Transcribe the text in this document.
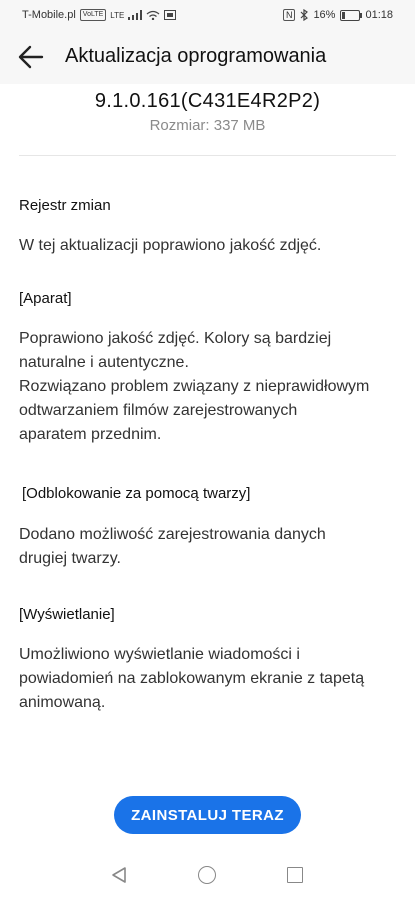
T-Mobile.pl	VoLTE LTE	N 16%	01:18
Aktualizacja oprogramowania
9.1.0.161(C431E4R2P2)
Rozmiar: 337 MB
Rejestr zmian
W tej aktualizacji poprawiono jakość zdjęć.
[Aparat]
Poprawiono jakość zdjęć. Kolory są bardziej
naturalne i autentyczne.
Rozwiązano problem związany z nieprawidłowym
odtwarzaniem filmów zarejestrowanych
aparatem przednim.
[Odblokowanie za pomocą twarzy]
Dodano możliwość zarejestrowania danych
drugiej twarzy.
[Wyświetlanie]
Umożliwiono wyświetlanie wiadomości i
powiadomień na zablokowanym ekranie z tapetą
animowaną.
ZAINSTALUJ TERAZ
